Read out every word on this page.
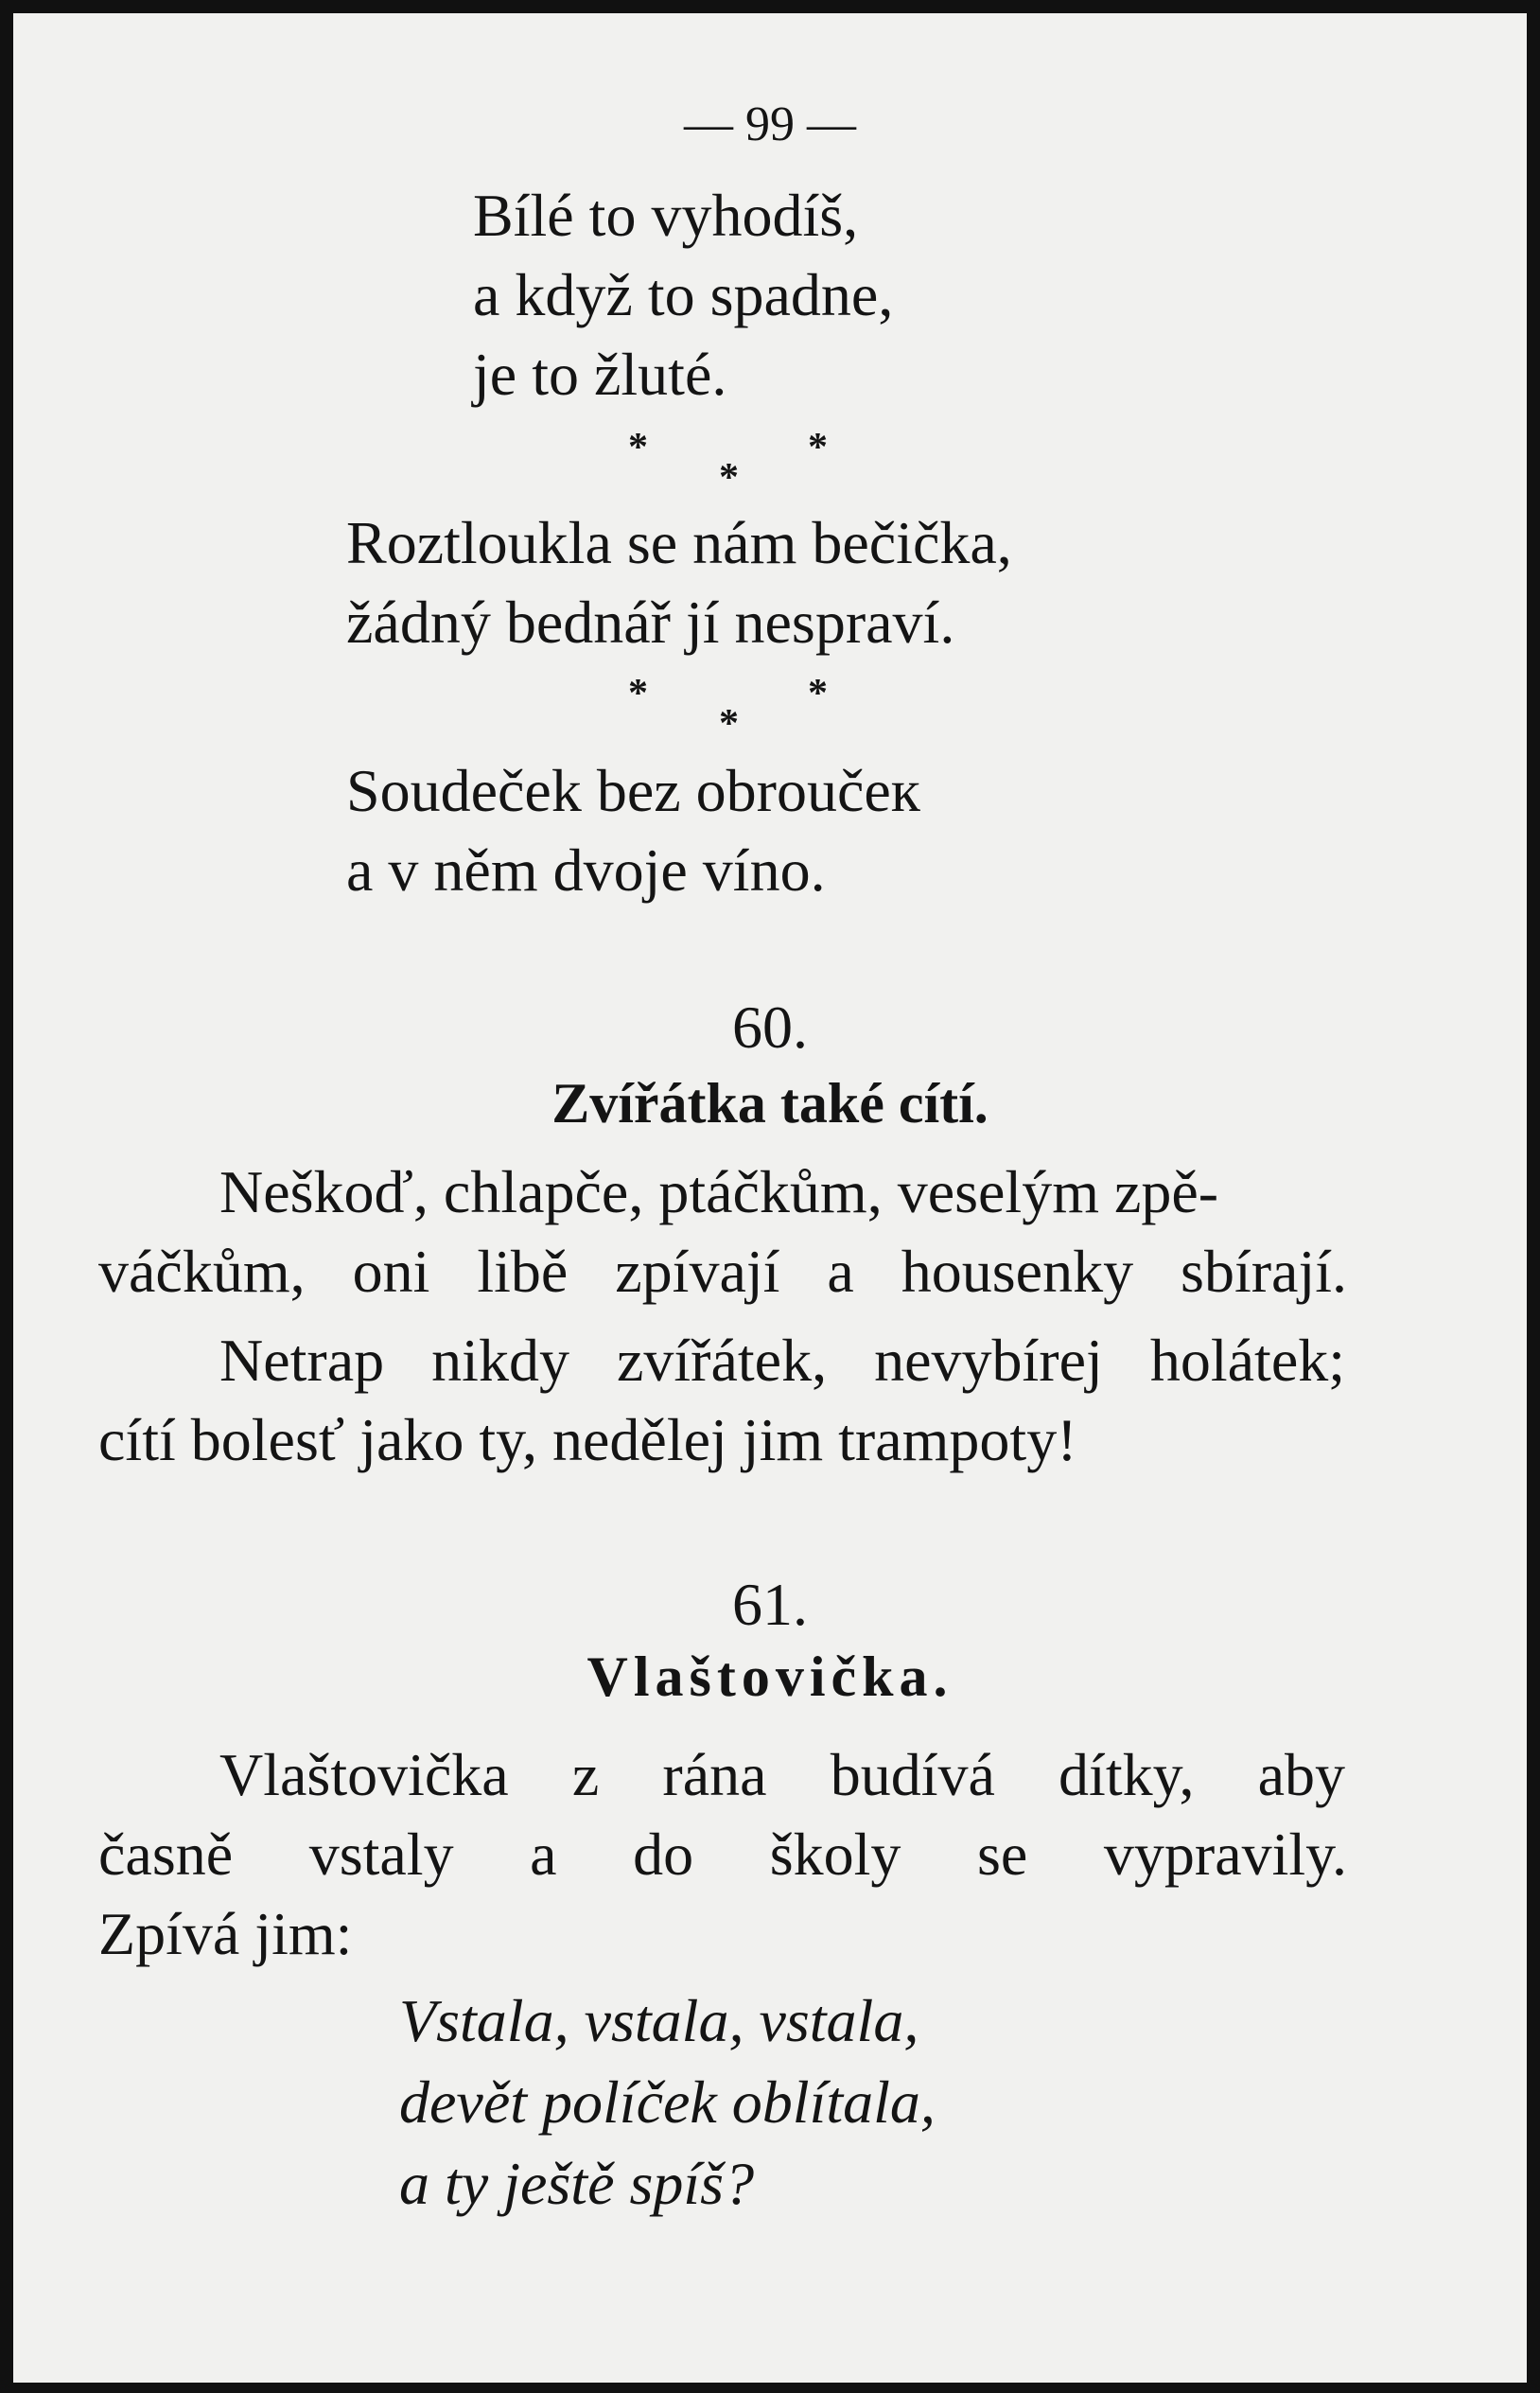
— 99 —
Bílé to vyhodíš,
a když to spadne,
je to žluté.
*	*
*
Roztloukla se nám bečička,
žádný bednář jí nespraví.
*	*
*
Soudeček bez obroučeк
a v něm dvoje víno.
60.
Zvířátka také cítí.
Neškoď, chlapče, ptáčkům, veselým zpě-
váčkům, oni libě zpívají a housenky sbírají.
Netrap nikdy zvířátek, nevybírej holátek;
cítí bolesť jako ty, nedělej jim trampoty!
61.
Vlaštovička.
Vlaštovička z rána budívá dítky, aby
časně vstaly a do školy se vypravily.
Zpívá jim:
Vstala, vstala, vstala,
devět políček oblítala,
a ty ještě spíš?
